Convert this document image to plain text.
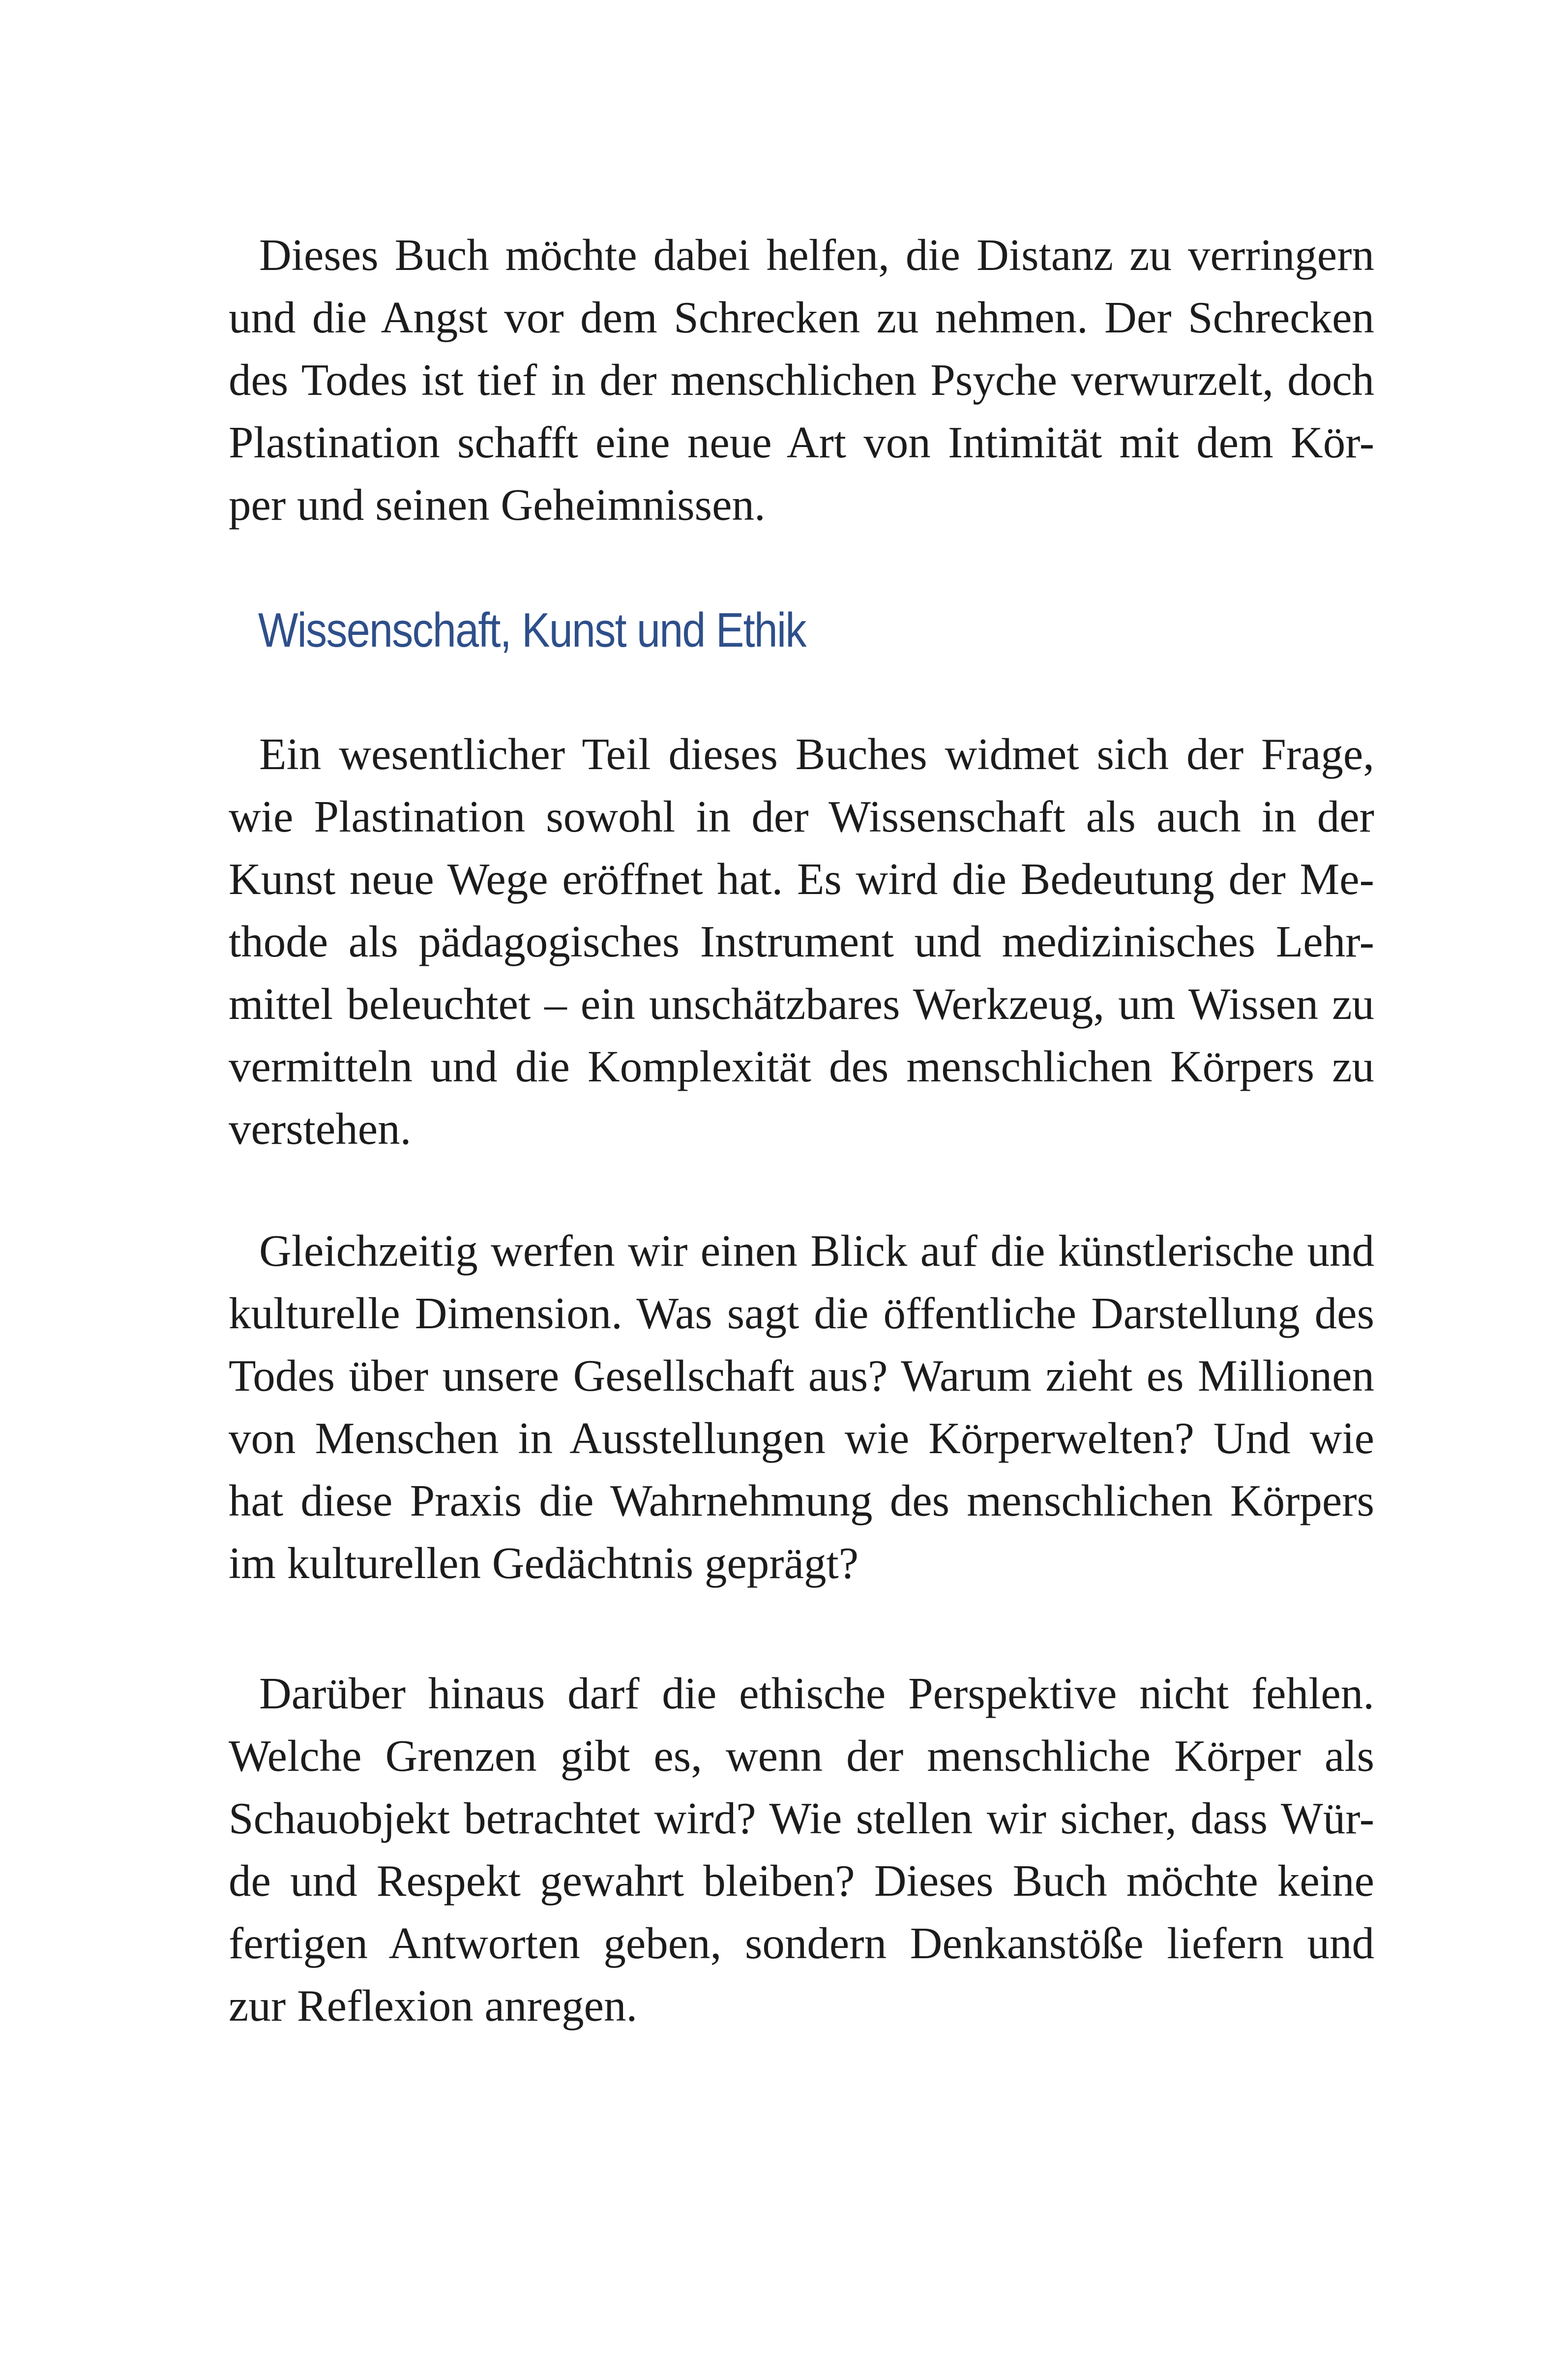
Dieses Buch möchte dabei helfen, die Distanz zu verringern
und die Angst vor dem Schrecken zu nehmen. Der Schrecken
des Todes ist tief in der menschlichen Psyche verwurzelt, doch
Plastination schafft eine neue Art von Intimität mit dem Kör-
per und seinen Geheimnissen.

Wissenschaft, Kunst und Ethik

Ein wesentlicher Teil dieses Buches widmet sich der Frage,
wie Plastination sowohl in der Wissenschaft als auch in der
Kunst neue Wege eröffnet hat. Es wird die Bedeutung der Me-
thode als pädagogisches Instrument und medizinisches Lehr-
mittel beleuchtet – ein unschätzbares Werkzeug, um Wissen zu
vermitteln und die Komplexität des menschlichen Körpers zu
verstehen.

Gleichzeitig werfen wir einen Blick auf die künstlerische und
kulturelle Dimension. Was sagt die öffentliche Darstellung des
Todes über unsere Gesellschaft aus? Warum zieht es Millionen
von Menschen in Ausstellungen wie Körperwelten? Und wie
hat diese Praxis die Wahrnehmung des menschlichen Körpers
im kulturellen Gedächtnis geprägt?

Darüber hinaus darf die ethische Perspektive nicht fehlen.
Welche Grenzen gibt es, wenn der menschliche Körper als
Schauobjekt betrachtet wird? Wie stellen wir sicher, dass Wür-
de und Respekt gewahrt bleiben? Dieses Buch möchte keine
fertigen Antworten geben, sondern Denkanstöße liefern und
zur Reflexion anregen.
